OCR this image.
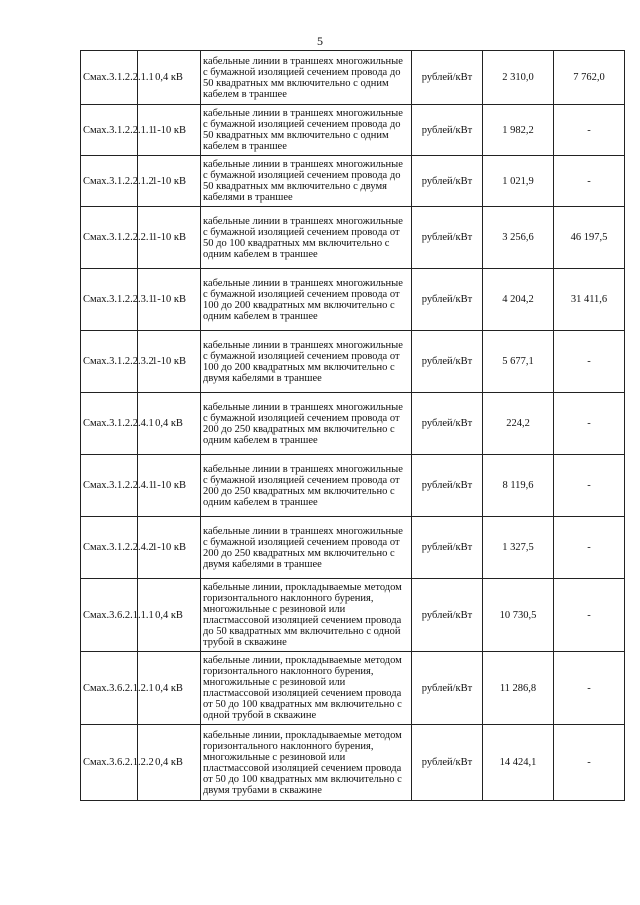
5
Смах.3.1.2.2.1.1	0,4 кВ	кабельные линии в траншеях многожильные с бумажной изоляцией сечением провода до 50 квадратных мм включительно с одним кабелем в траншее	рублей/кВт	2 310,0	7 762,0
Смах.3.1.2.2.1.1	1-10 кВ	кабельные линии в траншеях многожильные с бумажной изоляцией сечением провода до 50 квадратных мм включительно с одним кабелем в траншее	рублей/кВт	1 982,2	-
Смах.3.1.2.2.1.2	1-10 кВ	кабельные линии в траншеях многожильные с бумажной изоляцией сечением провода до 50 квадратных мм включительно с двумя кабелями в траншее	рублей/кВт	1 021,9	-
Смах.3.1.2.2.2.1	1-10 кВ	кабельные линии в траншеях многожильные с бумажной изоляцией сечением провода от 50 до 100 квадратных мм включительно с одним кабелем в траншее	рублей/кВт	3 256,6	46 197,5
Смах.3.1.2.2.3.1	1-10 кВ	кабельные линии в траншеях многожильные с бумажной изоляцией сечением провода от 100 до 200 квадратных мм включительно с одним кабелем в траншее	рублей/кВт	4 204,2	31 411,6
Смах.3.1.2.2.3.2	1-10 кВ	кабельные линии в траншеях многожильные с бумажной изоляцией сечением провода от 100 до 200 квадратных мм включительно с двумя кабелями в траншее	рублей/кВт	5 677,1	-
Смах.3.1.2.2.4.1	0,4 кВ	кабельные линии в траншеях многожильные с бумажной изоляцией сечением провода от 200 до 250 квадратных мм включительно с одним кабелем в траншее	рублей/кВт	224,2	-
Смах.3.1.2.2.4.1	1-10 кВ	кабельные линии в траншеях многожильные с бумажной изоляцией сечением провода от 200 до 250 квадратных мм включительно с одним кабелем в траншее	рублей/кВт	8 119,6	-
Смах.3.1.2.2.4.2	1-10 кВ	кабельные линии в траншеях многожильные с бумажной изоляцией сечением провода от 200 до 250 квадратных мм включительно с двумя кабелями в траншее	рублей/кВт	1 327,5	-
Смах.3.6.2.1.1.1	0,4 кВ	кабельные линии, прокладываемые методом горизонтального наклонного бурения, многожильные с резиновой или пластмассовой изоляцией сечением провода до 50 квадратных мм включительно с одной трубой в скважине	рублей/кВт	10 730,5	-
Смах.3.6.2.1.2.1	0,4 кВ	кабельные линии, прокладываемые методом горизонтального наклонного бурения, многожильные с резиновой или пластмассовой изоляцией сечением провода от 50 до 100 квадратных мм включительно с одной трубой в скважине	рублей/кВт	11 286,8	-
Смах.3.6.2.1.2.2	0,4 кВ	кабельные линии, прокладываемые методом горизонтального наклонного бурения, многожильные с резиновой или пластмассовой изоляцией сечением провода от 50 до 100 квадратных мм включительно с двумя трубами в скважине	рублей/кВт	14 424,1	-
